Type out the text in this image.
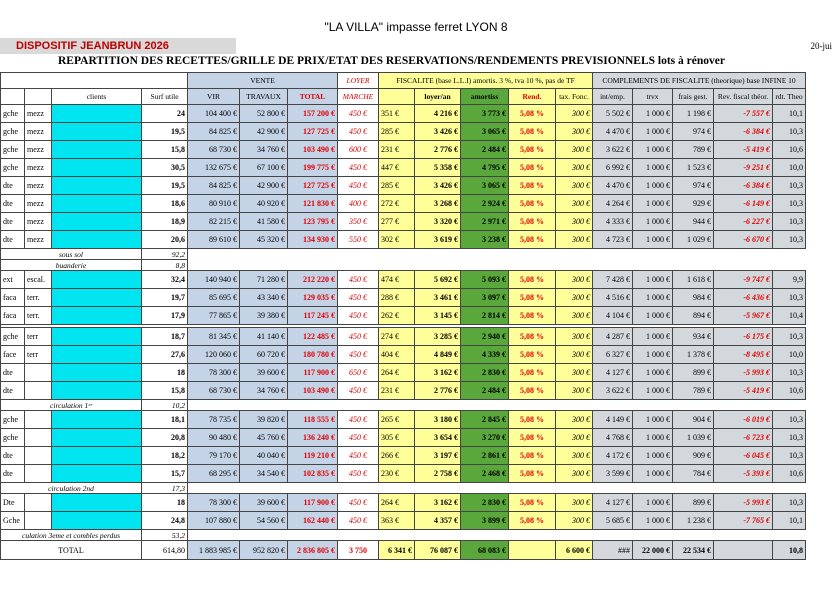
"LA VILLA" impasse ferret LYON 8
DISPOSITIF JEANBRUN 2026	20-jui
REPARTITION DES RECETTES/GRILLE DE PRIX/ETAT DES RESERVATIONS/RENDEMENTS PREVISIONNELS lots à rénover
				VENTE			LOYER	FISCALITE (base L.L.I) amortis. 3 %, tva 10 %, pas de TF					COMPLEMENTS DE FISCALITE (theorique) base INFINE 10				
		clients	Surf utile	VIR	TRAVAUX	TOTAL	MARCHE		loyer/an	amortiss	Rend.	tax. Fonc.	int/emp.	trvx	frais gest.	Rev. fiscal théor.	rdt. Theo
gche	mezz		24	104 400 €	52 800 €	157 200 €	450 €	351 €	4 216 €	3 773 €	5,08 %	300 €	5 502 €	1 000 €	1 198 €	-7 557 €	10,1
gche	mezz		19,5	84 825 €	42 900 €	127 725 €	450 €	285 €	3 426 €	3 065 €	5,08 %	300 €	4 470 €	1 000 €	974 €	-6 384 €	10,3
gche	mezz		15,8	68 730 €	34 760 €	103 490 €	600 €	231 €	2 776 €	2 484 €	5,08 %	300 €	3 622 €	1 000 €	789 €	-5 419 €	10,6
gche	mezz		30,5	132 675 €	67 100 €	199 775 €	450 €	447 €	5 358 €	4 795 €	5,08 %	300 €	6 992 €	1 000 €	1 523 €	-9 251 €	10,0
dte	mezz		19,5	84 825 €	42 900 €	127 725 €	450 €	285 €	3 426 €	3 065 €	5,08 %	300 €	4 470 €	1 000 €	974 €	-6 384 €	10,3
dte	mezz		18,6	80 910 €	40 920 €	121 830 €	400 €	272 €	3 268 €	2 924 €	5,08 %	300 €	4 264 €	1 000 €	929 €	-6 149 €	10,3
dte	mezz		18,9	82 215 €	41 580 €	123 795 €	350 €	277 €	3 320 €	2 971 €	5,08 %	300 €	4 333 €	1 000 €	944 €	-6 227 €	10,3
dte	mezz		20,6	89 610 €	45 320 €	134 930 €	550 €	302 €	3 619 €	3 238 €	5,08 %	300 €	4 723 €	1 000 €	1 029 €	-6 670 €	10,3
sous sol			92,2														
buanderie			8,8														
ext	escal.		32,4	140 940 €	71 280 €	212 220 €	450 €	474 €	5 692 €	5 093 €	5,08 %	300 €	7 428 €	1 000 €	1 618 €	-9 747 €	9,9
faca	terr.		19,7	85 695 €	43 340 €	129 035 €	450 €	288 €	3 461 €	3 097 €	5,08 %	300 €	4 516 €	1 000 €	984 €	-6 436 €	10,3
faca	terr.		17,9	77 865 €	39 380 €	117 245 €	450 €	262 €	3 145 €	2 814 €	5,08 %	300 €	4 104 €	1 000 €	894 €	-5 967 €	10,4

gche	terr		18,7	81 345 €	41 140 €	122 485 €	450 €	274 €	3 285 €	2 940 €	5,08 %	300 €	4 287 €	1 000 €	934 €	-6 175 €	10,3
face	terr		27,6	120 060 €	60 720 €	180 780 €	450 €	404 €	4 849 €	4 339 €	5,08 %	300 €	6 327 €	1 000 €	1 378 €	-8 495 €	10,0
dte			18	78 300 €	39 600 €	117 900 €	650 €	264 €	3 162 €	2 830 €	5,08 %	300 €	4 127 €	1 000 €	899 €	-5 993 €	10,3
dte			15,8	68 730 €	34 760 €	103 490 €	450 €	231 €	2 776 €	2 484 €	5,08 %	300 €	3 622 €	1 000 €	789 €	-5 419 €	10,6
circulation 1ᵉʳ			10,2														
gche			18,1	78 735 €	39 820 €	118 555 €	450 €	265 €	3 180 €	2 845 €	5,08 %	300 €	4 149 €	1 000 €	904 €	-6 019 €	10,3
gche			20,8	90 480 €	45 760 €	136 240 €	450 €	305 €	3 654 €	3 270 €	5,08 %	300 €	4 768 €	1 000 €	1 039 €	-6 723 €	10,3
dte			18,2	79 170 €	40 040 €	119 210 €	450 €	266 €	3 197 €	2 861 €	5,08 %	300 €	4 172 €	1 000 €	909 €	-6 045 €	10,3
dte			15,7	68 295 €	34 540 €	102 835 €	450 €	230 €	2 758 €	2 468 €	5,08 %	300 €	3 599 €	1 000 €	784 €	-5 393 €	10,6
circulation 2nd			17,3														
Dte			18	78 300 €	39 600 €	117 900 €	450 €	264 €	3 162 €	2 830 €	5,08 %	300 €	4 127 €	1 000 €	899 €	-5 993 €	10,3
Gche			24,8	107 880 €	54 560 €	162 440 €	450 €	363 €	4 357 €	3 899 €	5,08 %	300 €	5 685 €	1 000 €	1 238 €	-7 765 €	10,1
culation 3eme et combles perdus			53,2														
TOTAL			614,80	1 883 985 €	952 820 €	2 836 805 €	3 750	6 341 €	76 087 €	68 083 €		6 600 €	###	22 000 €	22 534 €		10,8
